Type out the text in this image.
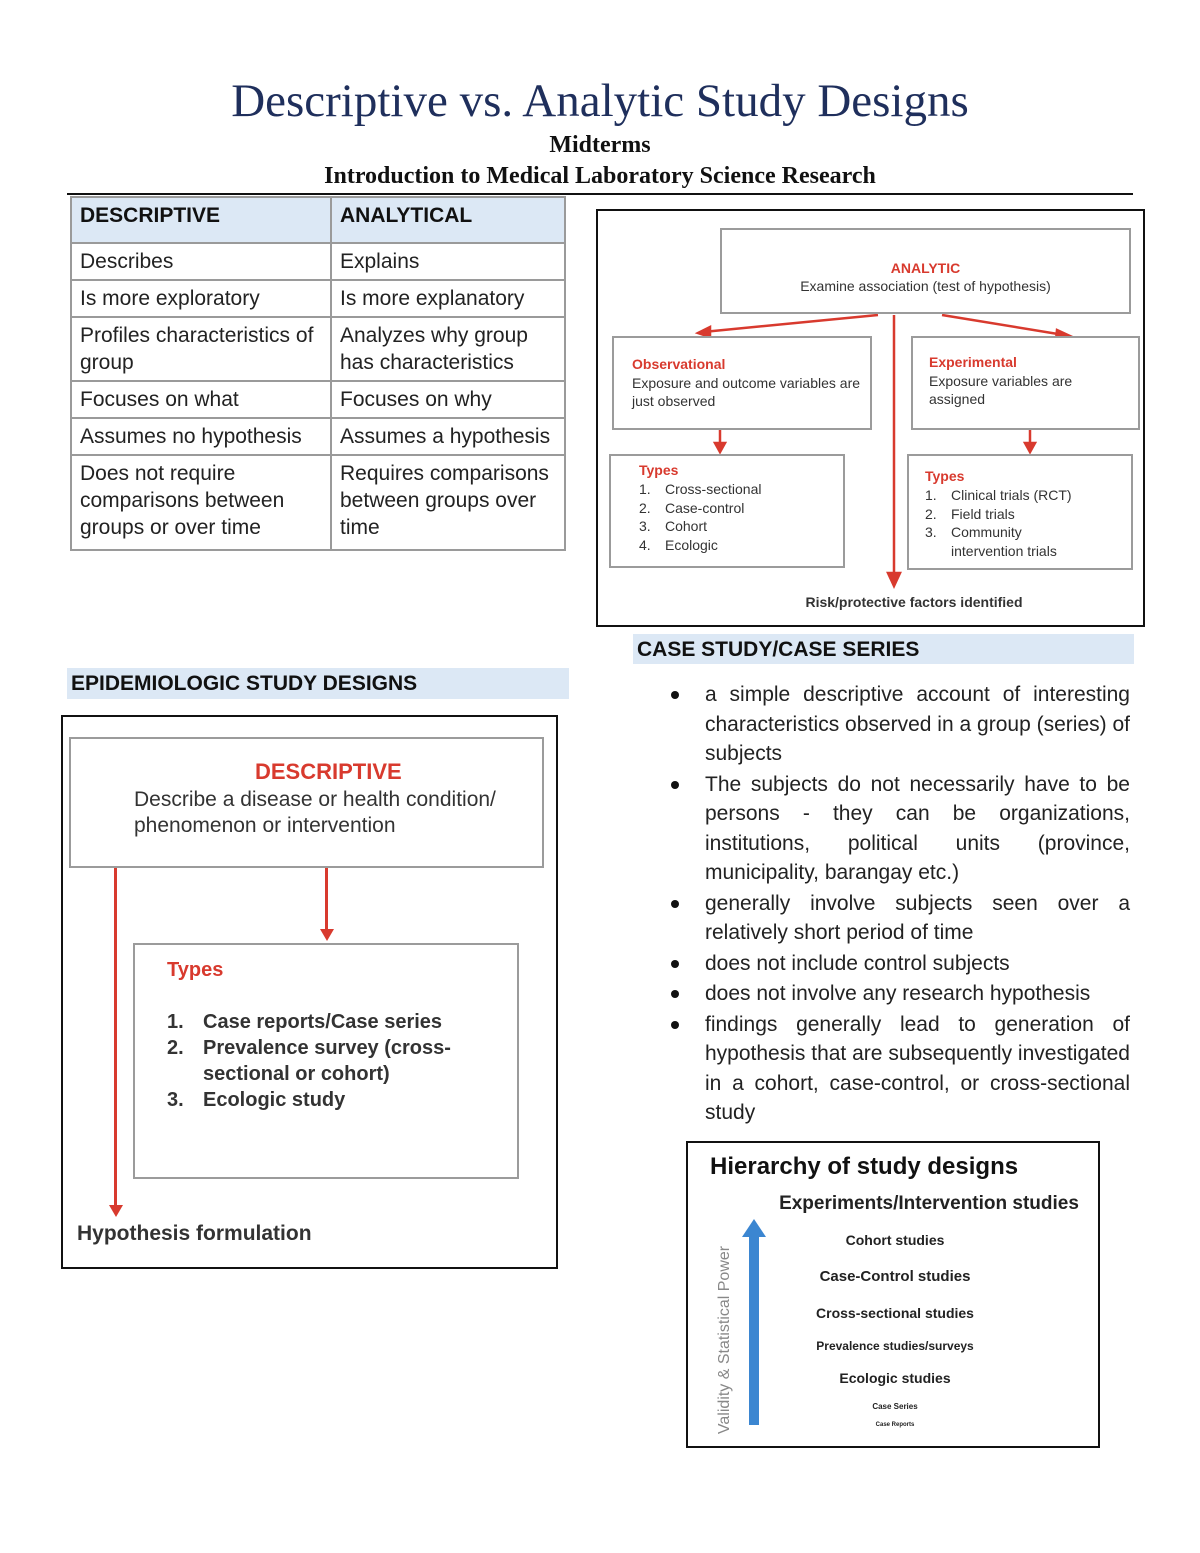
Descriptive vs. Analytic Study Designs
Midterms
Introduction to Medical Laboratory Science Research
DESCRIPTIVE	ANALYTICAL
Describes	Explains
Is more exploratory	Is more explanatory
Profiles characteristics of group	Analyzes why group has characteristics
Focuses on what	Focuses on why
Assumes no hypothesis	Assumes a hypothesis
Does not require comparisons between groups or over time	Requires comparisons between groups over time
EPIDEMIOLOGIC STUDY DESIGNS
CASE STUDY/CASE SERIES
DESCRIPTIVE
Describe a disease or health condition/ phenomenon or intervention
Types
1. Case reports/Case series
2. Prevalence survey (cross-sectional or cohort)
3. Ecologic study
Hypothesis formulation
ANALYTIC
Examine association (test of hypothesis)
Observational
Exposure and outcome variables are just observed
Experimental
Exposure variables are assigned
Types
1. Cross-sectional
2. Case-control
3. Cohort
4. Ecologic
Types
1.	Clinical trials (RCT)
2.	Field trials
3.	Community intervention trials
Risk/protective factors identified
a simple descriptive account of interesting characteristics observed in a group (series) of subjects
The subjects do not necessarily have to be persons - they can be organizations, institutions, political units (province, municipality, barangay etc.)
generally involve subjects seen over a relatively short period of time
does not include control subjects
does not involve any research hypothesis
findings generally lead to generation of hypothesis that are subsequently investigated in a cohort, case-control, or cross-sectional study
Hierarchy of study designs
Validity & Statistical Power
Experiments/Intervention studies
Cohort studies
Case-Control studies
Cross-sectional studies
Prevalence studies/surveys
Ecologic studies
Case Series
Case Reports
